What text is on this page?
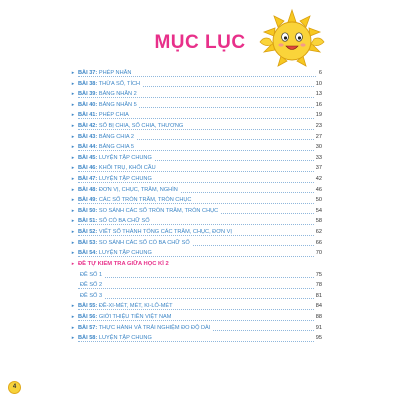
MỤC LỤC
▸ BÀI 37: PHÉP NHÂN	6
▸ BÀI 38: THỪA SỐ, TÍCH	10
▸ BÀI 39: BẢNG NHÂN 2	13
▸ BÀI 40: BẢNG NHÂN 5	16
▸ BÀI 41: PHÉP CHIA	19
▸ BÀI 42: SỐ BỊ CHIA, SỐ CHIA, THƯƠNG	23
▸ BÀI 43: BẢNG CHIA 2	27
▸ BÀI 44: BẢNG CHIA 5	30
▸ BÀI 45: LUYỆN TẬP CHUNG	33
▸ BÀI 46: KHỐI TRỤ, KHỐI CẦU	37
▸ BÀI 47: LUYỆN TẬP CHUNG	42
▸ BÀI 48: ĐƠN VỊ, CHỤC, TRĂM, NGHÌN	46
▸ BÀI 49: CÁC SỐ TRÒN TRĂM, TRÒN CHỤC	50
▸ BÀI 50: SO SÁNH CÁC SỐ TRÒN TRĂM, TRÒN CHỤC	54
▸ BÀI 51: SỐ CÓ BA CHỮ SỐ	58
▸ BÀI 52: VIẾT SỐ THÀNH TỔNG CÁC TRĂM, CHỤC, ĐƠN VỊ	62
▸ BÀI 53: SO SÁNH CÁC SỐ CÓ BA CHỮ SỐ	66
▸ BÀI 54: LUYỆN TẬP CHUNG	70
▸ ĐỀ TỰ KIỂM TRA GIỮA HỌC KÌ 2
ĐỀ SỐ 1	75
ĐỀ SỐ 2	78
ĐỀ SỐ 3	81
▸ BÀI 55: ĐỀ-XI-MÉT, MÉT, KI-LÔ-MÉT	84
▸ BÀI 56: GIỚI THIỆU TIỀN VIỆT NAM	88
▸ BÀI 57: THỰC HÀNH VÀ TRẢI NGHIỆM ĐO ĐỘ DÀI	91
▸ BÀI 58: LUYỆN TẬP CHUNG	95
4
